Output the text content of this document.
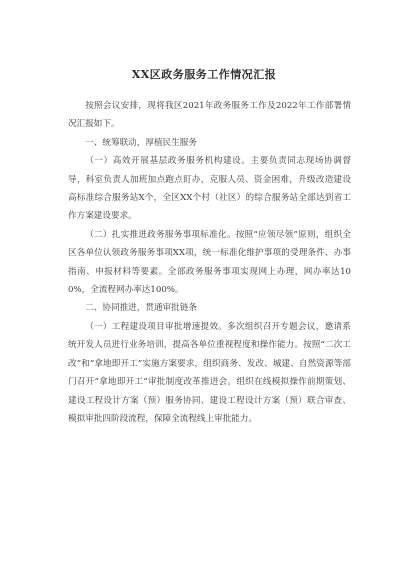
XX区政务服务工作情况汇报

按照会议安排，现将我区2021年政务服务工作及2022年工作部署情况汇报如下。

一、统筹联动，厚植民生服务

（一）高效开展基层政务服务机构建设。主要负责同志现场协调督导，科室负责人加班加点跑点盯办，克服人员、资金困难，升级改造建设高标准综合服务站X个，全区XX个村（社区）的综合服务站全部达到省工作方案建设要求。

（二）扎实推进政务服务事项标准化。按照“应领尽领”原则，组织全区各单位认领政务服务事项XX项，统一标准化维护事项的受理条件、办事指南、申报材料等要素。全部政务服务事项实现网上办理，网办率达100%，全流程网办率达100%。

二、协同推进，贯通审批链条

（一）工程建设项目审批增速提效。多次组织召开专题会议，邀请系统开发人员进行业务培训，提高各单位重视程度和操作能力。按照“二次工改”和“拿地即开工”实施方案要求，组织商务、发改、城建、自然资源等部门召开“拿地即开工”审批制度改革推进会。组织在线模拟操作前期策划、建设工程设计方案（预）服务协同、建设工程设计方案（预）联合审查、模拟审批四阶段流程，保障全流程线上审批能力。
